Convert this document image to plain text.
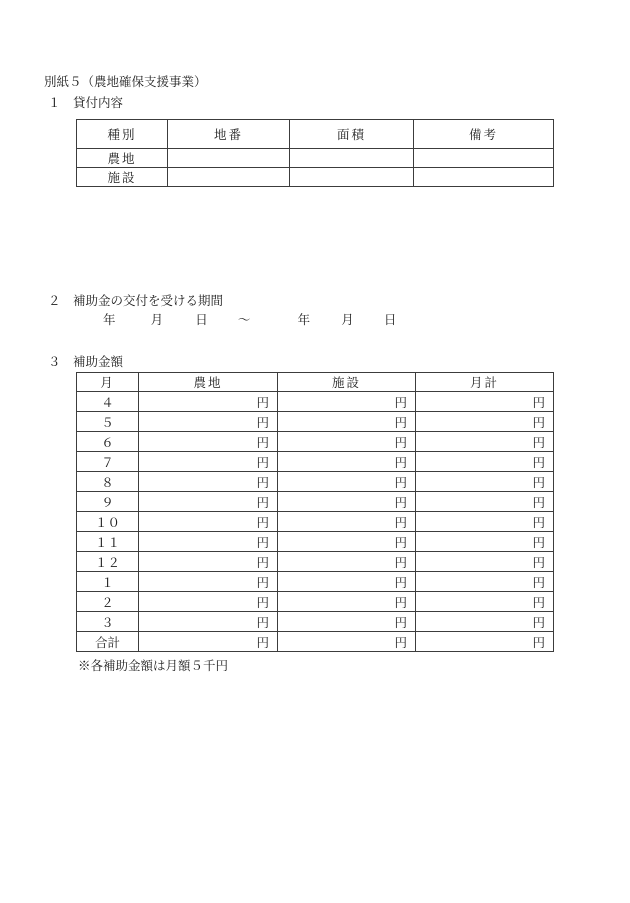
別紙５（農地確保支援事業）
１　貸付内容
種別	地番	面積	備考
農地			
施設			
２　補助金の交付を受ける期間
年	月	日 ～	年 月 日
３　補助金額
月	農地	施設	月計
４	円	円	円
５	円	円	円
６	円	円	円
７	円	円	円
８	円	円	円
９	円	円	円
１０	円	円	円
１１	円	円	円
１２	円	円	円
１	円	円	円
２	円	円	円
３	円	円	円
合計	円	円	円
※各補助金額は月額５千円
